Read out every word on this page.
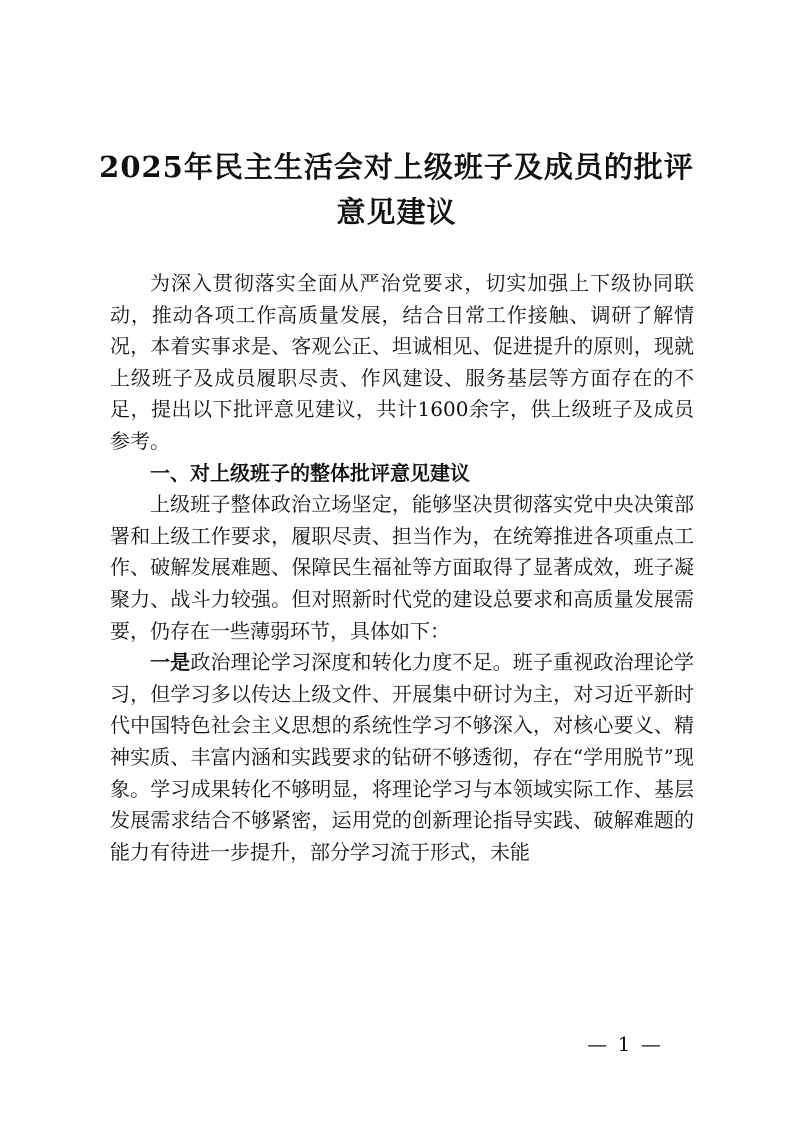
2025年民主生活会对上级班子及成员的批评
意见建议

为深入贯彻落实全面从严治党要求，切实加强上下级协同联动，推动各项工作高质量发展，结合日常工作接触、调研了解情况，本着实事求是、客观公正、坦诚相见、促进提升的原则，现就上级班子及成员履职尽责、作风建设、服务基层等方面存在的不足，提出以下批评意见建议，共计1600余字，供上级班子及成员参考。

一、对上级班子的整体批评意见建议

上级班子整体政治立场坚定，能够坚决贯彻落实党中央决策部署和上级工作要求，履职尽责、担当作为，在统筹推进各项重点工作、破解发展难题、保障民生福祉等方面取得了显著成效，班子凝聚力、战斗力较强。但对照新时代党的建设总要求和高质量发展需要，仍存在一些薄弱环节，具体如下：

一是政治理论学习深度和转化力度不足。班子重视政治理论学习，但学习多以传达上级文件、开展集中研讨为主，对习近平新时代中国特色社会主义思想的系统性学习不够深入，对核心要义、精神实质、丰富内涵和实践要求的钻研不够透彻，存在“学用脱节”现象。学习成果转化不够明显，将理论学习与本领域实际工作、基层发展需求结合不够紧密，运用党的创新理论指导实践、破解难题的能力有待进一步提升，部分学习流于形式，未能

— 1 —
